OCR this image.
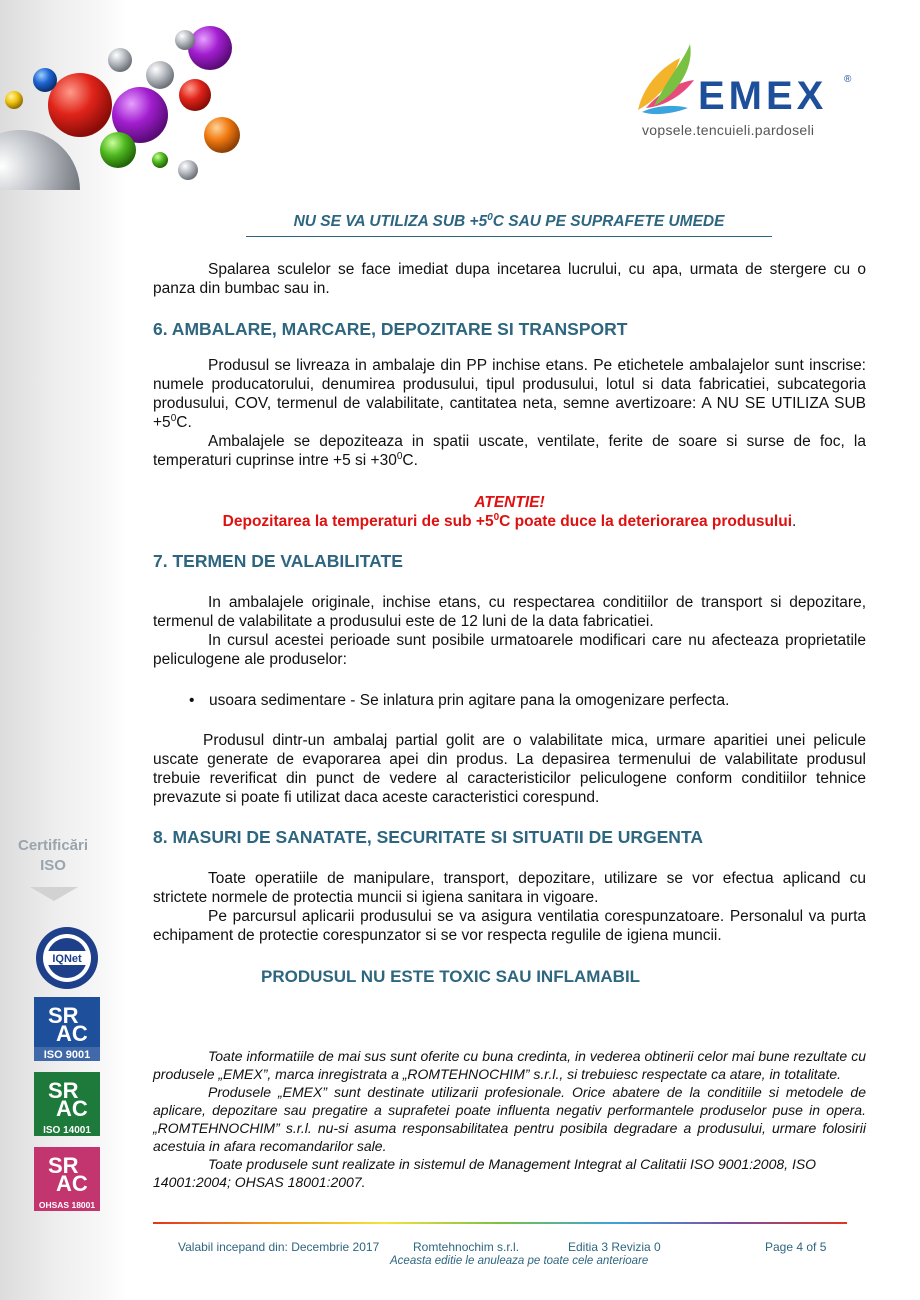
EMEX ®
vopsele.tencuieli.pardoseli
NU SE VA UTILIZA SUB $+5^0C$ SAU PE SUPRAFETE UMEDE

Spalarea sculelor se face imediat dupa incetarea lucrului, cu apa, urmata de stergere cu o panza din bumbac sau in.

6. AMBALARE, MARCARE, DEPOZITARE SI TRANSPORT

Produsul se livreaza in ambalaje din PP inchise etans. Pe etichetele ambalajelor sunt inscrise: numele producatorului, denumirea produsului, tipul produsului, lotul si data fabricatiei, subcategoria produsului, COV, termenul de valabilitate, cantitatea neta, semne avertizoare: A NU SE UTILIZA SUB $+5^0C$.

Ambalajele se depoziteaza in spatii uscate, ventilate, ferite de soare si surse de foc, la temperaturi cuprinse intre +5 si $+30^0C$.

ATENTIE!
Depozitarea la temperaturi de sub $+5^0C$ poate duce la deteriorarea produsului.

7. TERMEN DE VALABILITATE

In ambalajele originale, inchise etans, cu respectarea conditiilor de transport si depozitare, termenul de valabilitate a produsului este de 12 luni de la data fabricatiei.

In cursul acestei perioade sunt posibile urmatoarele modificari care nu afecteaza proprietatile peliculogene ale produselor:

• usoara sedimentare - Se inlatura prin agitare pana la omogenizare perfecta.

Produsul dintr-un ambalaj partial golit are o valabilitate mica, urmare aparitiei unei pelicule uscate generate de evaporarea apei din produs. La depasirea termenului de valabilitate produsul trebuie reverificat din punct de vedere al caracteristicilor peliculogene conform conditiilor tehnice prevazute si poate fi utilizat daca aceste caracteristici corespund.

8. MASURI DE SANATATE, SECURITATE SI SITUATII DE URGENTA

Toate operatiile de manipulare, transport, depozitare, utilizare se vor efectua aplicand cu strictete normele de protectia muncii si igiena sanitara in vigoare.

Pe parcursul aplicarii produsului se va asigura ventilatia corespunzatoare. Personalul va purta echipament de protectie corespunzator si se vor respecta regulile de igiena muncii.

PRODUSUL NU ESTE TOXIC SAU INFLAMABIL

Toate informatiile de mai sus sunt oferite cu buna credinta, in vederea obtinerii celor mai bune rezultate cu produsele „EMEX”, marca inregistrata a „ROMTEHNOCHIM” s.r.l., si trebuiesc respectate ca atare, in totalitate.

Produsele „EMEX” sunt destinate utilizarii profesionale. Orice abatere de la conditiile si metodele de aplicare, depozitare sau pregatire a suprafetei poate influenta negativ performantele produselor puse in opera. „ROMTEHNOCHIM” s.r.l. nu-si asuma responsabilitatea pentru posibila degradare a produsului, urmare folosirii acestuia in afara recomandarilor sale.

Toate produsele sunt realizate in sistemul de Management Integrat al Calitatii ISO 9001:2008, ISO 14001:2004; OHSAS 18001:2007.

Certificări
ISO
IQNet
SR
AC
ISO 9001
SR
AC
ISO 14001
SR
AC
OHSAS 18001
Valabil incepand din: Decembrie 2017	Romtehnochim s.r.l.	Editia 3 Revizia 0	Page 4 of 5
Aceasta editie le anuleaza pe toate cele anterioare
